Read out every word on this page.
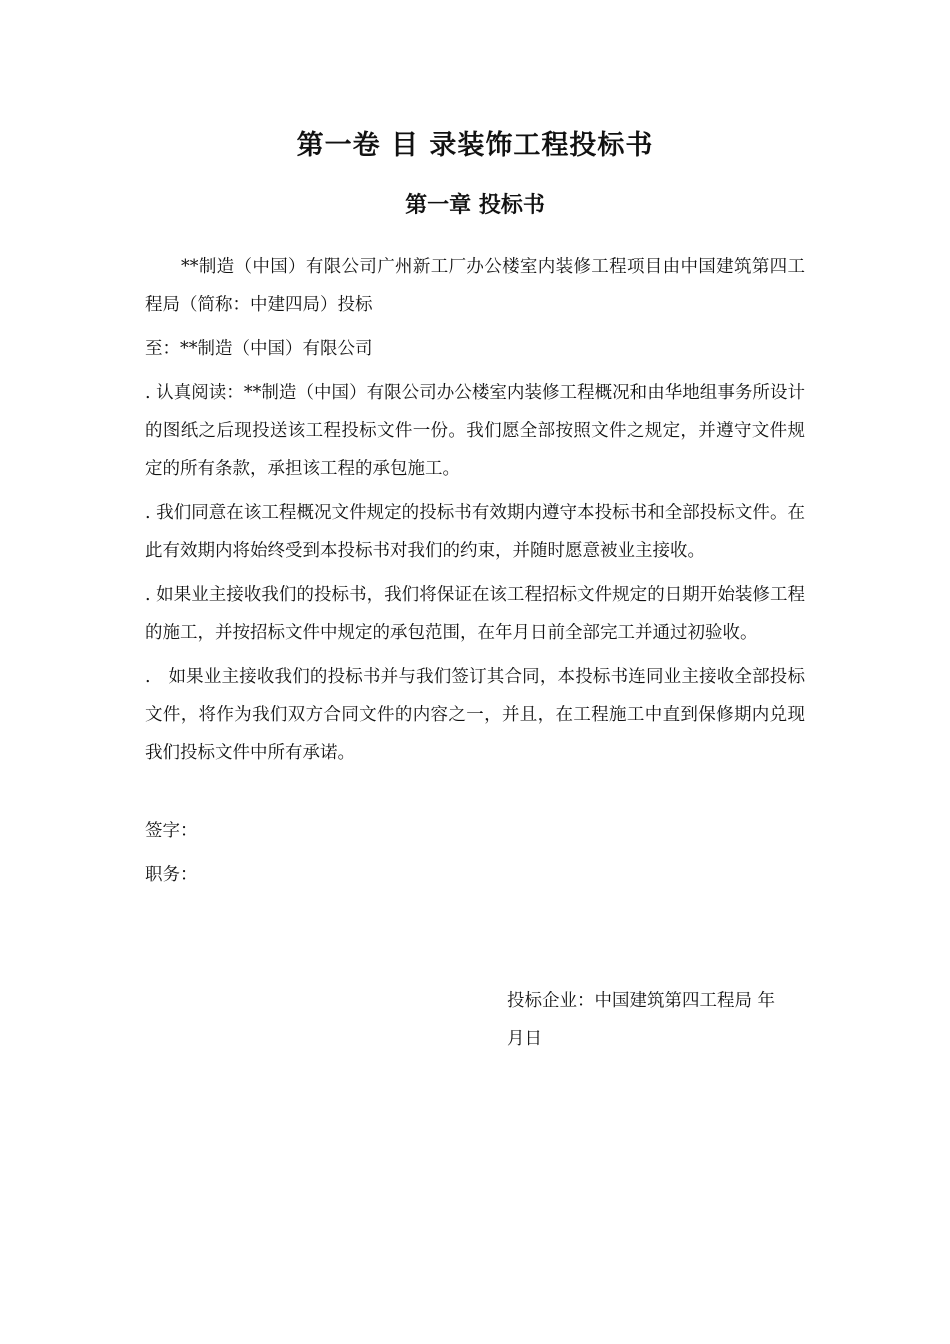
第一卷 目 录装饰工程投标书
第一章 投标书

**制造（中国）有限公司广州新工厂办公楼室内装修工程项目由中国建筑第四工程局（简称：中建四局）投标

至：**制造（中国）有限公司

. 认真阅读：**制造（中国）有限公司办公楼室内装修工程概况和由华地组事务所设计的图纸之后现投送该工程投标文件一份。我们愿全部按照文件之规定，并遵守文件规定的所有条款，承担该工程的承包施工。

. 我们同意在该工程概况文件规定的投标书有效期内遵守本投标书和全部投标文件。在此有效期内将始终受到本投标书对我们的约束，并随时愿意被业主接收。

. 如果业主接收我们的投标书，我们将保证在该工程招标文件规定的日期开始装修工程的施工，并按招标文件中规定的承包范围，在年月日前全部完工并通过初验收。

.　如果业主接收我们的投标书并与我们签订其合同，本投标书连同业主接收全部投标文件，将作为我们双方合同文件的内容之一，并且，在工程施工中直到保修期内兑现我们投标文件中所有承诺。

签字：

职务：

投标企业：中国建筑第四工程局 年
月日
